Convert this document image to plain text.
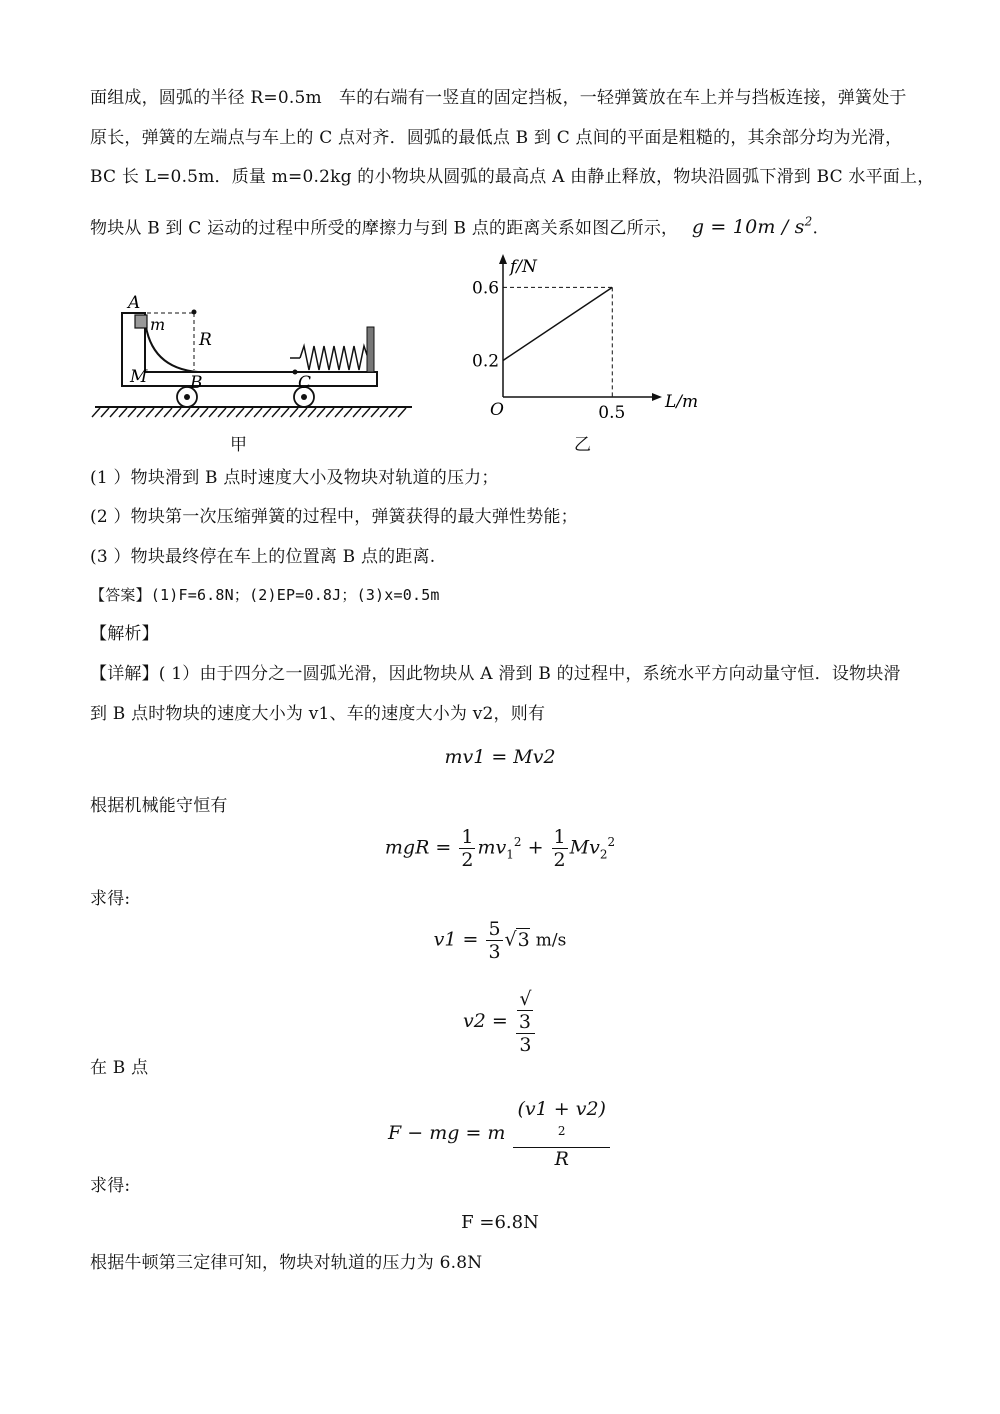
面组成，圆弧的半径 R=0.5m　车的右端有一竖直的固定挡板，一轻弹簧放在车上并与挡板连接，弹簧处于
原长，弹簧的左端点与车上的 C 点对齐．圆弧的最低点 B 到 C 点间的平面是粗糙的，其余部分均为光滑，
BC 长 L=0.5m．质量 m=0.2kg 的小物块从圆弧的最高点 A 由静止释放，物块沿圆弧下滑到 BC 水平面上，
物块从 B 到 C 运动的过程中所受的摩擦力与到 B 点的距离关系如图乙所示， $g = 10m / s^2$.
A
m
R
M	B	C
甲
f/N
L/m
O
0.6
0.2
0.5
乙
(1 ）物块滑到 B 点时速度大小及物块对轨道的压力；
(2 ）物块第一次压缩弹簧的过程中，弹簧获得的最大弹性势能；
(3 ）物块最终停在车上的位置离 B 点的距离.
【答案】(1)F=6.8N；(2)EP=0.8J；(3)x=0.5m
【解析】
【详解】( 1）由于四分之一圆弧光滑，因此物块从 A 滑到 B 的过程中，系统水平方向动量守恒．设物块滑
到 B 点时物块的速度大小为 v1、车的速度大小为 v2，则有
mv1 = Mv2
根据机械能守恒有
mgR = $\frac{1}{2} mv_1^2 + \frac{1}{2} Mv_2^2$
求得:
$v1 = \frac{5}{3} √3$ m/s
v2 = √
3
3
在 B 点
F − mg = m (v1 + v2)
$^2$
R
求得:
F =6.8N
根据牛顿第三定律可知，物块对轨道的压力为 6.8N
